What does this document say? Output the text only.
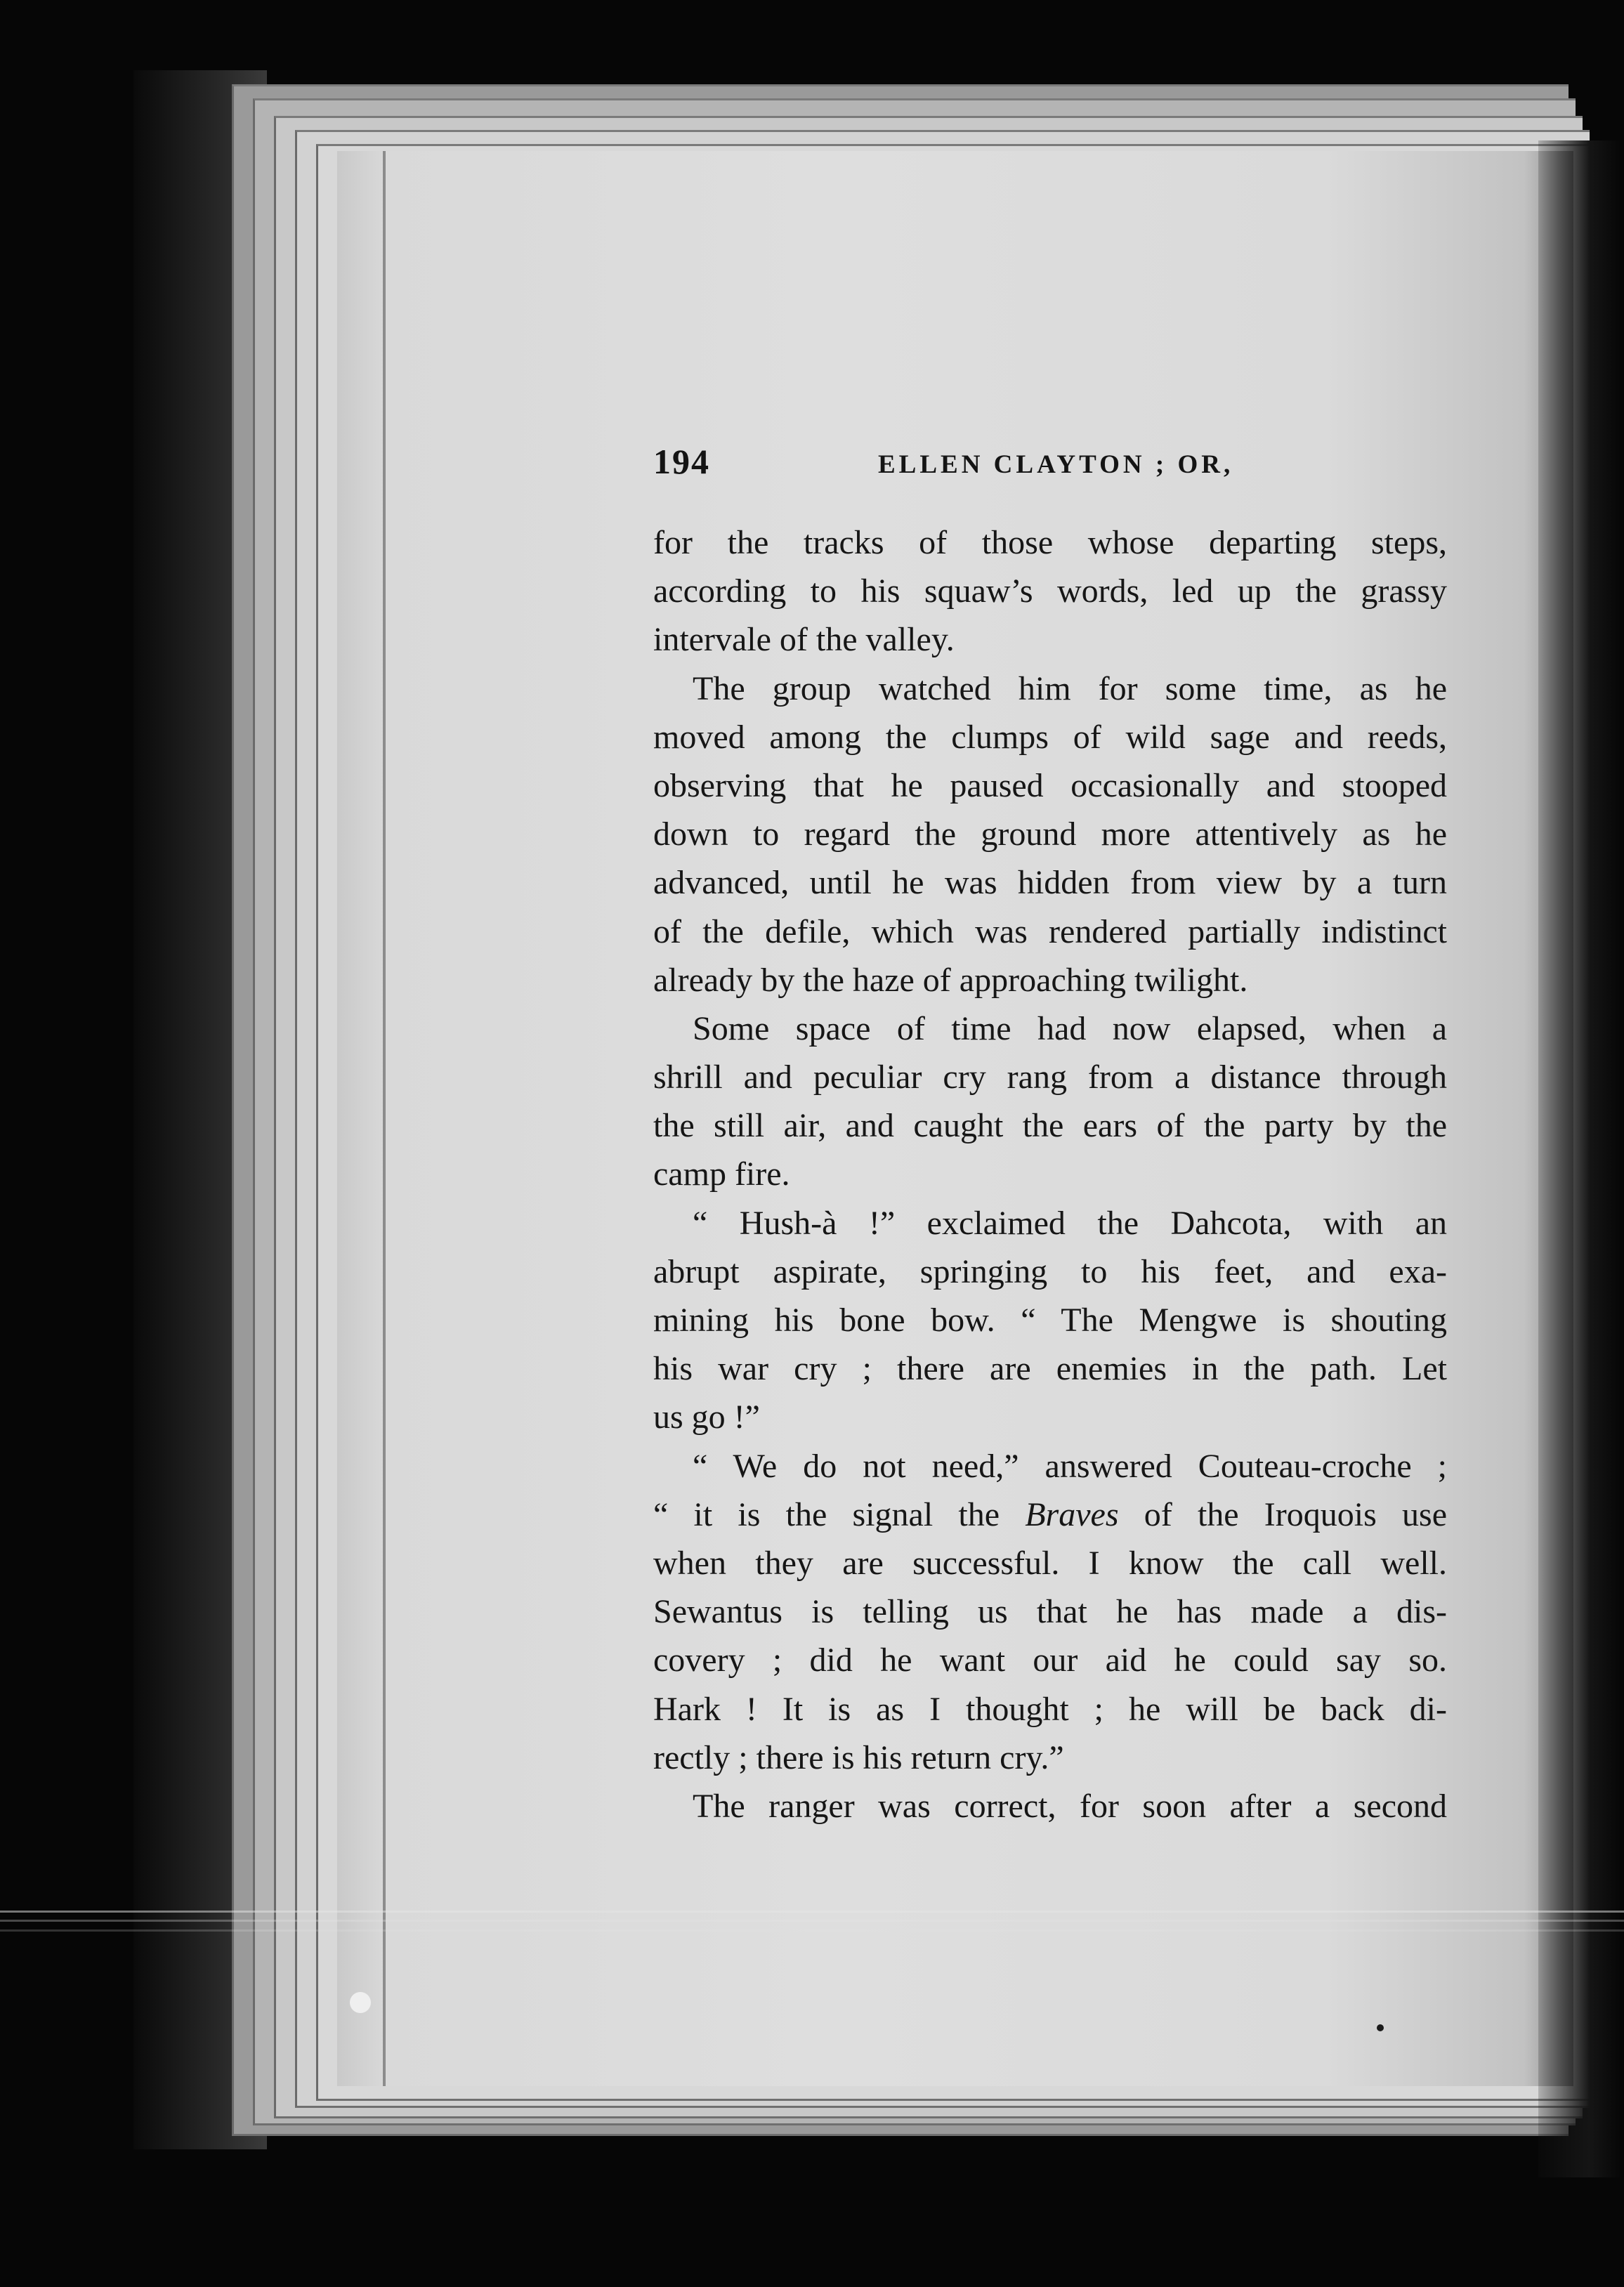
194	ELLEN CLAYTON ; OR,
for the tracks of those whose departing steps,
according to his squaw’s words, led up the grassy
intervale of the valley.
The group watched him for some time, as he
moved among the clumps of wild sage and reeds,
observing that he paused occasionally and stooped
down to regard the ground more attentively as he
advanced, until he was hidden from view by a turn
of the defile, which was rendered partially indistinct
already by the haze of approaching twilight.
Some space of time had now elapsed, when a
shrill and peculiar cry rang from a distance through
the still air, and caught the ears of the party by the
camp fire.
“ Hush-à !” exclaimed the Dahcota, with an
abrupt aspirate, springing to his feet, and exa-
mining his bone bow. “ The Mengwe is shouting
his war cry ; there are enemies in the path. Let
us go !”
“ We do not need,” answered Couteau-croche ;
“ it is the signal the Braves of the Iroquois use
when they are successful. I know the call well.
Sewantus is telling us that he has made a dis-
covery ; did he want our aid he could say so.
Hark ! It is as I thought ; he will be back di-
rectly ; there is his return cry.”
The ranger was correct, for soon after a second
